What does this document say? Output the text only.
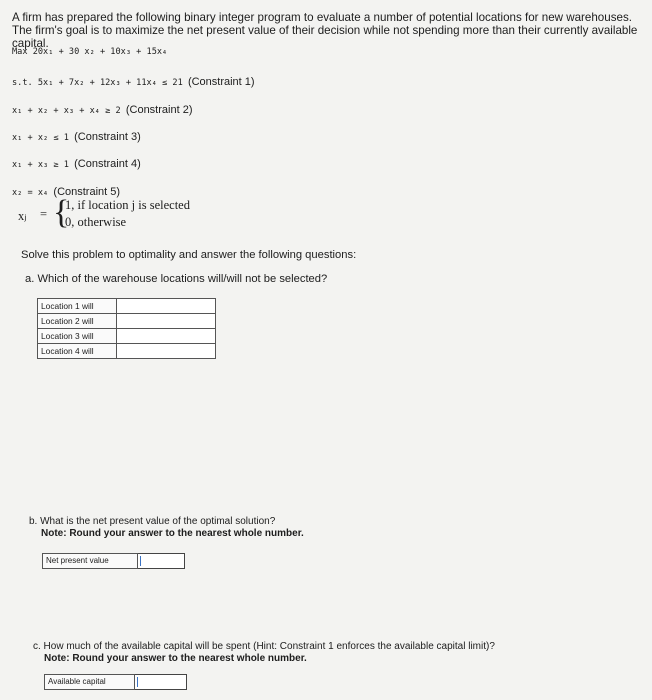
A firm has prepared the following binary integer program to evaluate a number of potential locations for new warehouses. The firm's goal is to maximize the net present value of their decision while not spending more than their currently available capital.
Max 20x₁ + 30 x₂ + 10x₃ + 15x₄
s.t. 5x₁ + 7x₂ + 12x₃ + 11x₄ ≤ 21 (Constraint 1)
x₁ + x₂ + x₃ + x₄ ≥ 2 (Constraint 2)
x₁ + x₂ ≤ 1 (Constraint 3)
x₁ + x₃ ≥ 1 (Constraint 4)
x₂ = x₄ (Constraint 5)
xⱼ = {
1, if location j is selected
0, otherwise
Solve this problem to optimality and answer the following questions:
a. Which of the warehouse locations will/will not be selected?
Location 1 will	
Location 2 will	
Location 3 will	
Location 4 will	
b. What is the net present value of the optimal solution?
Note: Round your answer to the nearest whole number.
Net present value
c. How much of the available capital will be spent (Hint: Constraint 1 enforces the available capital limit)?
Note: Round your answer to the nearest whole number.
Available capital
